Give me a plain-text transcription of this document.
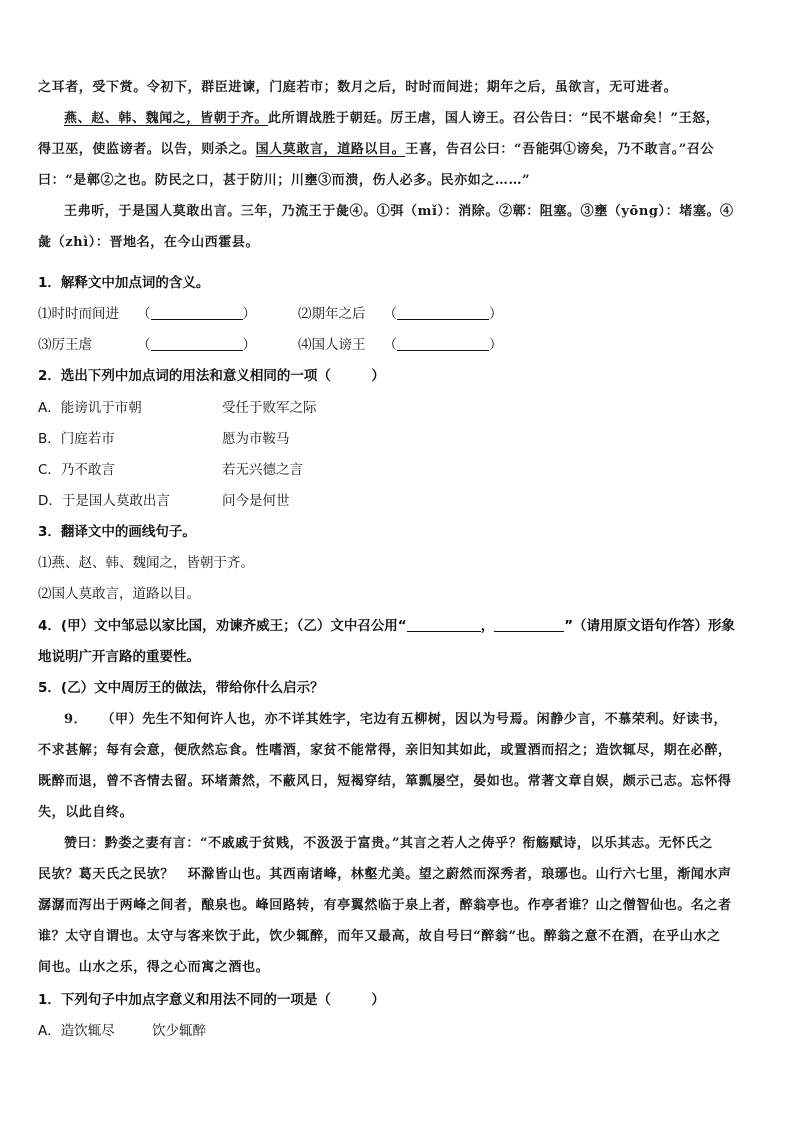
之耳者，受下赏。令初下，群臣进谏，门庭若市；数月之后，时时而间进；期年之后，虽欲言，无可进者。
燕、赵、韩、魏闻之，皆朝于齐。此所谓战胜于朝廷。厉王虐，国人谤王。召公告曰：“民不堪命矣！”王怒，
得卫巫，使监谤者。以告，则杀之。国人莫敢言，道路以目。王喜，告召公曰：“吾能弭①谤矣，乃不敢言。”召公
曰：“是鄣②之也。防民之口，甚于防川；川壅③而溃，伤人必多。民亦如之……”
王弗听，于是国人莫敢出言。三年，乃流王于彘④。①弭（mǐ）：消除。②鄣：阻塞。③壅（yōng）：堵塞。④
彘（zhì）：晋地名，在今山西霍县。
1．解释文中加点词的含义。
⑴时时而间进 （	）	⑵期年之后 （	）
⑶厉王虐	（	）	⑷国人谤王 （	）
2．选出下列中加点词的用法和意义相同的一项（　　　）
A．能谤讥于市朝	受任于败军之际
B．门庭若市	愿为市鞍马
C．乃不敢言	若无兴德之言
D．于是国人莫敢出言	问今是何世
3．翻译文中的画线句子。
⑴燕、赵、韩、魏闻之，皆朝于齐。
⑵国人莫敢言，道路以目。
4．(甲）文中邹忌以家比国，劝谏齐威王；（乙）文中召公用“	，	”（请用原文语句作答）形象
地说明广开言路的重要性。
5．(乙）文中周厉王的做法，带给你什么启示？
9．　　（甲）先生不知何许人也，亦不详其姓字，宅边有五柳树，因以为号焉。闲静少言，不慕荣利。好读书，
不求甚解；每有会意，便欣然忘食。性嗜酒，家贫不能常得，亲旧知其如此，或置酒而招之；造饮辄尽，期在必醉，
既醉而退，曾不吝情去留。环堵萧然，不蔽风日，短褐穿结，箪瓢屡空，晏如也。常著文章自娱，颇示己志。忘怀得
失，以此自终。
赞曰：黔娄之妻有言：“不戚戚于贫贱，不汲汲于富贵。”其言之若人之俦乎？衔觞赋诗，以乐其志。无怀氏之
民欤？葛天氏之民欤？　环滁皆山也。其西南诸峰，林壑尤美。望之蔚然而深秀者，琅琊也。山行六七里，渐闻水声
潺潺而泻出于两峰之间者，酿泉也。峰回路转，有亭翼然临于泉上者，醉翁亭也。作亭者谁？山之僧智仙也。名之者
谁？太守自谓也。太守与客来饮于此，饮少辄醉，而年又最高，故自号曰“醉翁”也。醉翁之意不在酒，在乎山水之
间也。山水之乐，得之心而寓之酒也。
1．下列句子中加点字意义和用法不同的一项是（　　　）
A．造饮辄尽	饮少辄醉
